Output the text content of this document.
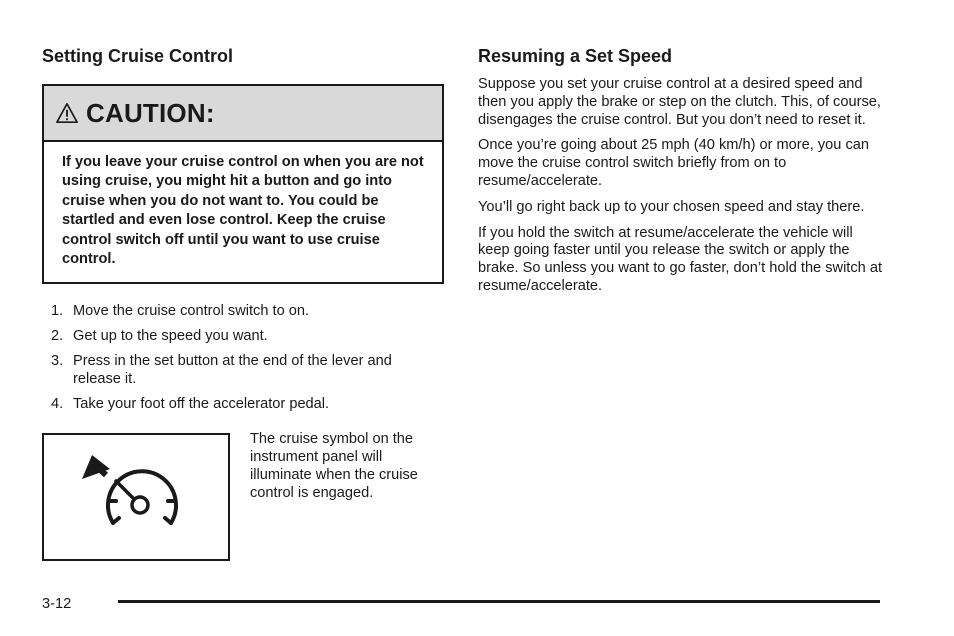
Setting Cruise Control
CAUTION:
If you leave your cruise control on when you are not using cruise, you might hit a button and go into cruise when you do not want to. You could be startled and even lose control. Keep the cruise control switch off until you want to use cruise control.
1. Move the cruise control switch to on.
2. Get up to the speed you want.
3. Press in the set button at the end of the lever and release it.
4. Take your foot off the accelerator pedal.
The cruise symbol on the instrument panel will illuminate when the cruise control is engaged.
Resuming a Set Speed

Suppose you set your cruise control at a desired speed and then you apply the brake or step on the clutch. This, of course, disengages the cruise control. But you don’t need to reset it.

Once you’re going about 25 mph (40 km/h) or more, you can move the cruise control switch briefly from on to resume/accelerate.

You’ll go right back up to your chosen speed and stay there.

If you hold the switch at resume/accelerate the vehicle will keep going faster until you release the switch or apply the brake. So unless you want to go faster, don’t hold the switch at resume/accelerate.

3-12
